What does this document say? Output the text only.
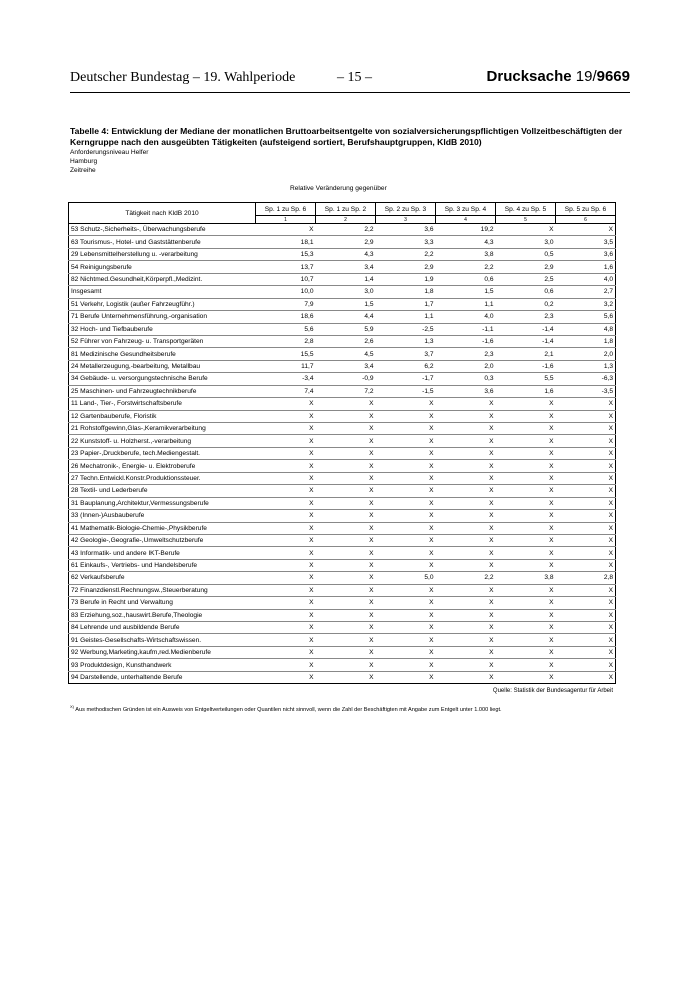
Deutscher Bundestag – 19. Wahlperiode	– 15 –	Drucksache 19/9669
Tabelle 4: Entwicklung der Mediane der monatlichen Bruttoarbeitsentgelte von sozialversicherungspflichtigen Vollzeitbeschäftigten der Kerngruppe nach den ausgeübten Tätigkeiten (aufsteigend sortiert, Berufshauptgruppen, KldB 2010)
Anforderungsniveau Helfer
Hamburg
Zeitreihe
Relative Veränderung gegenüber
Tätigkeit nach KldB 2010	Sp. 1 zu Sp. 6	Sp. 1 zu Sp. 2	Sp. 2 zu Sp. 3	Sp. 3 zu Sp. 4	Sp. 4 zu Sp. 5	Sp. 5 zu Sp. 6
	1	2	3	4	5	6
53 Schutz-,Sicherheits-, Überwachungsberufe	X	2,2	3,6	19,2	X	X
63 Tourismus-, Hotel- und Gaststättenberufe	18,1	2,9	3,3	4,3	3,0	3,5
29 Lebensmittelherstellung u. -verarbeitung	15,3	4,3	2,2	3,8	0,5	3,6
54 Reinigungsberufe	13,7	3,4	2,9	2,2	2,9	1,6
82 Nichtmed.Gesundheit,Körperpfl.,Medizint.	10,7	1,4	1,9	0,6	2,5	4,0
Insgesamt	10,0	3,0	1,8	1,5	0,6	2,7
51 Verkehr, Logistik (außer Fahrzeugführ.)	7,9	1,5	1,7	1,1	0,2	3,2
71 Berufe Unternehmensführung,-organisation	18,6	4,4	1,1	4,0	2,3	5,6
32 Hoch- und Tiefbauberufe	5,6	5,9	-2,5	-1,1	-1,4	4,8
52 Führer von Fahrzeug- u. Transportgeräten	2,8	2,6	1,3	-1,6	-1,4	1,8
81 Medizinische Gesundheitsberufe	15,5	4,5	3,7	2,3	2,1	2,0
24 Metallerzeugung,-bearbeitung, Metallbau	11,7	3,4	6,2	2,0	-1,6	1,3
34 Gebäude- u. versorgungstechnische Berufe	-3,4	-0,9	-1,7	0,3	5,5	-6,3
25 Maschinen- und Fahrzeugtechnikberufe	7,4	7,2	-1,5	3,6	1,6	-3,5
11 Land-, Tier-, Forstwirtschaftsberufe	X	X	X	X	X	X
12 Gartenbauberufe, Floristik	X	X	X	X	X	X
21 Rohstoffgewinn,Glas-,Keramikverarbeitung	X	X	X	X	X	X
22 Kunststoff- u. Holzherst.,-verarbeitung	X	X	X	X	X	X
23 Papier-,Druckberufe, tech.Mediengestalt.	X	X	X	X	X	X
26 Mechatronik-, Energie- u. Elektroberufe	X	X	X	X	X	X
27 Techn.Entwickl.Konstr.Produktionssteuer.	X	X	X	X	X	X
28 Textil- und Lederberufe	X	X	X	X	X	X
31 Bauplanung,Architektur,Vermessungsberufe	X	X	X	X	X	X
33 (Innen-)Ausbauberufe	X	X	X	X	X	X
41 Mathematik-Biologie-Chemie-,Physikberufe	X	X	X	X	X	X
42 Geologie-,Geografie-,Umweltschutzberufe	X	X	X	X	X	X
43 Informatik- und andere IKT-Berufe	X	X	X	X	X	X
61 Einkaufs-, Vertriebs- und Handelsberufe	X	X	X	X	X	X
62 Verkaufsberufe	X	X	5,0	2,2	3,8	2,8
72 Finanzdienstl.Rechnungsw.,Steuerberatung	X	X	X	X	X	X
73 Berufe in Recht und Verwaltung	X	X	X	X	X	X
83 Erziehung,soz.,hauswirt.Berufe,Theologie	X	X	X	X	X	X
84 Lehrende und ausbildende Berufe	X	X	X	X	X	X
91 Geistes-Gesellschafts-Wirtschaftswissen.	X	X	X	X	X	X
92 Werbung,Marketing,kaufm,red.Medienberufe	X	X	X	X	X	X
93 Produktdesign, Kunsthandwerk	X	X	X	X	X	X
94 Darstellende, unterhaltende Berufe	X	X	X	X	X	X
Quelle: Statistik der Bundesagentur für Arbeit
$^{X)}$ Aus methodischen Gründen ist ein Ausweis von Entgeltverteilungen oder Quantilen nicht sinnvoll, wenn die Zahl der Beschäftigten mit Angabe zum Entgelt unter 1.000 liegt.
